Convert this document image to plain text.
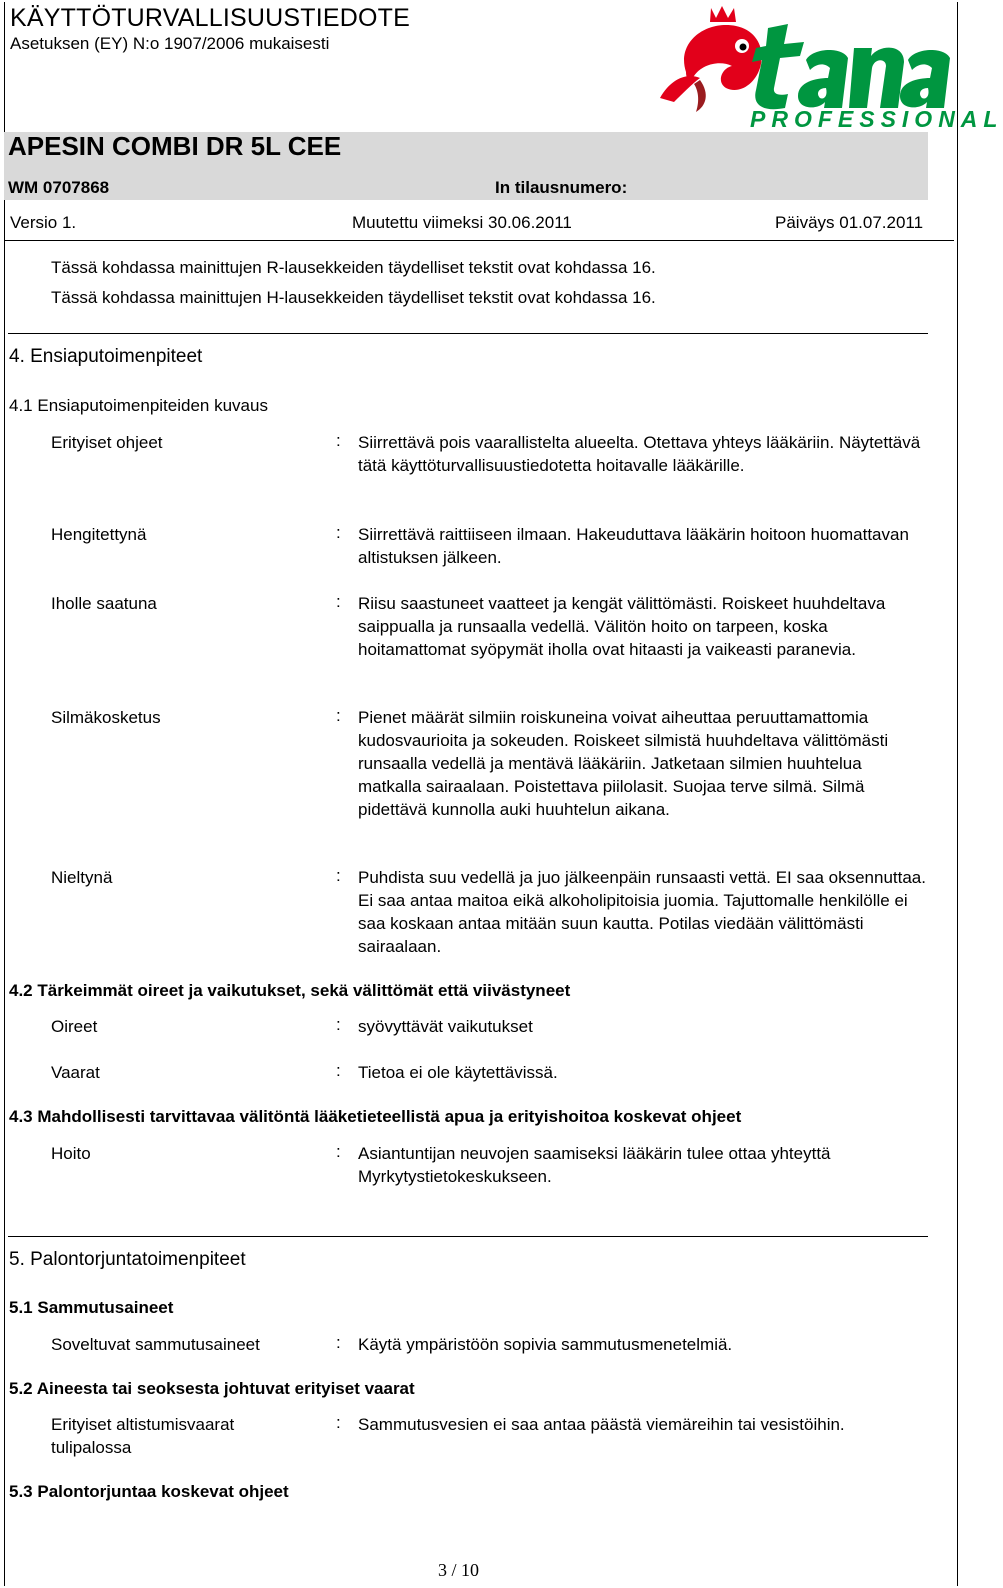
KÄYTTÖTURVALLISUUSTIEDOTE
Asetuksen (EY) N:o 1907/2006 mukaisesti
PROFESSIONAL
APESIN COMBI DR 5L CEE
WM 0707868	In tilausnumero:
Versio 1.	Muutettu viimeksi 30.06.2011	Päiväys 01.07.2011
Tässä kohdassa mainittujen R-lausekkeiden täydelliset tekstit ovat kohdassa 16.
Tässä kohdassa mainittujen H-lausekkeiden täydelliset tekstit ovat kohdassa 16.
4. Ensiaputoimenpiteet
4.1 Ensiaputoimenpiteiden kuvaus
Erityiset ohjeet	: Siirrettävä pois vaarallistelta alueelta. Otettava yhteys lääkäriin. Näytettävä tätä käyttöturvallisuustiedotetta hoitavalle lääkärille.
Hengitettynä	: Siirrettävä raittiiseen ilmaan. Hakeuduttava lääkärin hoitoon huomattavan altistuksen jälkeen.
Iholle saatuna	: Riisu saastuneet vaatteet ja kengät välittömästi. Roiskeet huuhdeltava saippualla ja runsaalla vedellä. Välitön hoito on tarpeen, koska hoitamattomat syöpymät iholla ovat hitaasti ja vaikeasti paranevia.
Silmäkosketus	: Pienet määrät silmiin roiskuneina voivat aiheuttaa peruuttamattomia kudosvaurioita ja sokeuden. Roiskeet silmistä huuhdeltava välittömästi runsaalla vedellä ja mentävä lääkäriin. Jatketaan silmien huuhtelua matkalla sairaalaan. Poistettava piilolasit. Suojaa terve silmä. Silmä pidettävä kunnolla auki huuhtelun aikana.
Nieltynä	: Puhdista suu vedellä ja juo jälkeenpäin runsaasti vettä. EI saa oksennuttaa. Ei saa antaa maitoa eikä alkoholipitoisia juomia. Tajuttomalle henkilölle ei saa koskaan antaa mitään suun kautta. Potilas viedään välittömästi sairaalaan.
4.2 Tärkeimmät oireet ja vaikutukset, sekä välittömät että viivästyneet
Oireet	: syövyttävät vaikutukset
Vaarat	: Tietoa ei ole käytettävissä.
4.3 Mahdollisesti tarvittavaa välitöntä lääketieteellistä apua ja erityishoitoa koskevat ohjeet
Hoito	: Asiantuntijan neuvojen saamiseksi lääkärin tulee ottaa yhteyttä Myrkytystietokeskukseen.
5. Palontorjuntatoimenpiteet
5.1 Sammutusaineet
Soveltuvat sammutusaineet	: Käytä ympäristöön sopivia sammutusmenetelmiä.
5.2 Aineesta tai seoksesta johtuvat erityiset vaarat
Erityiset altistumisvaarat tulipalossa
: Sammutusvesien ei saa antaa päästä viemäreihin tai vesistöihin.
5.3 Palontorjuntaa koskevat ohjeet
3 / 10
